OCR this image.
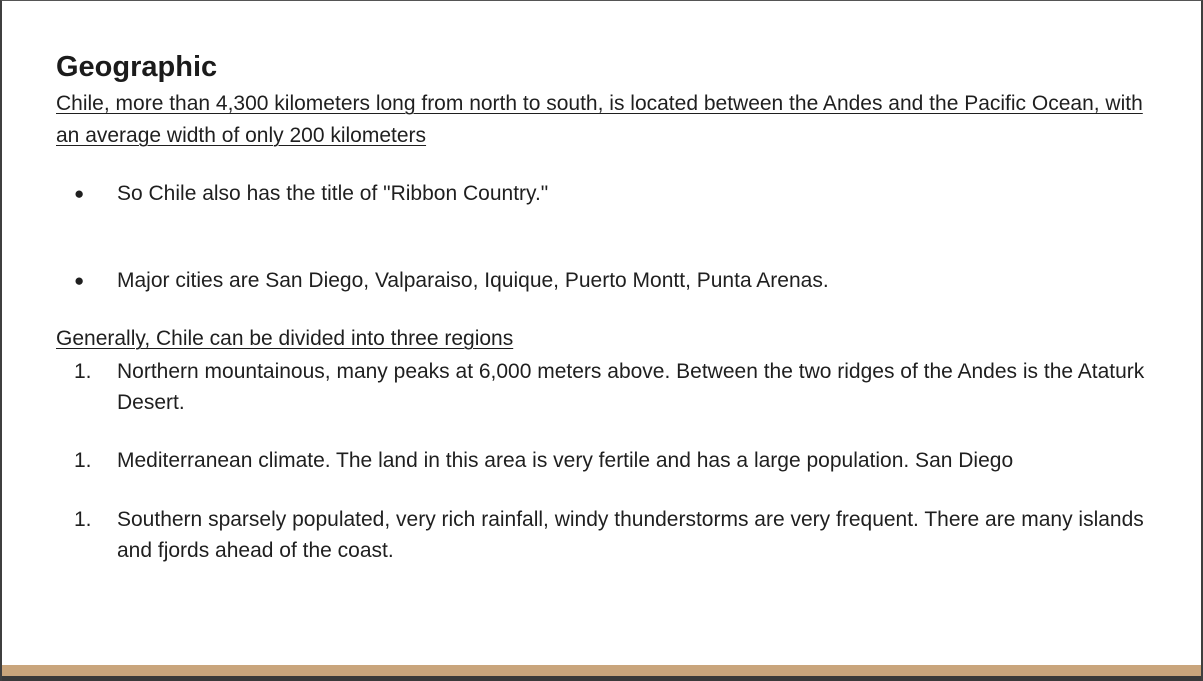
Geographic

Chile, more than 4,300 kilometers long from north to south, is located between the Andes and the Pacific Ocean, with an average width of only 200 kilometers

● So Chile also has the title of "Ribbon Country."
● Major cities are San Diego, Valparaiso, Iquique, Puerto Montt, Punta Arenas.

Generally, Chile can be divided into three regions

1. Northern mountainous, many peaks at 6,000 meters above. Between the two ridges of the Andes is the Ataturk Desert.
1. Mediterranean climate. The land in this area is very fertile and has a large population. San Diego
1. Southern sparsely populated, very rich rainfall, windy thunderstorms are very frequent. There are many islands and fjords ahead of the coast.
